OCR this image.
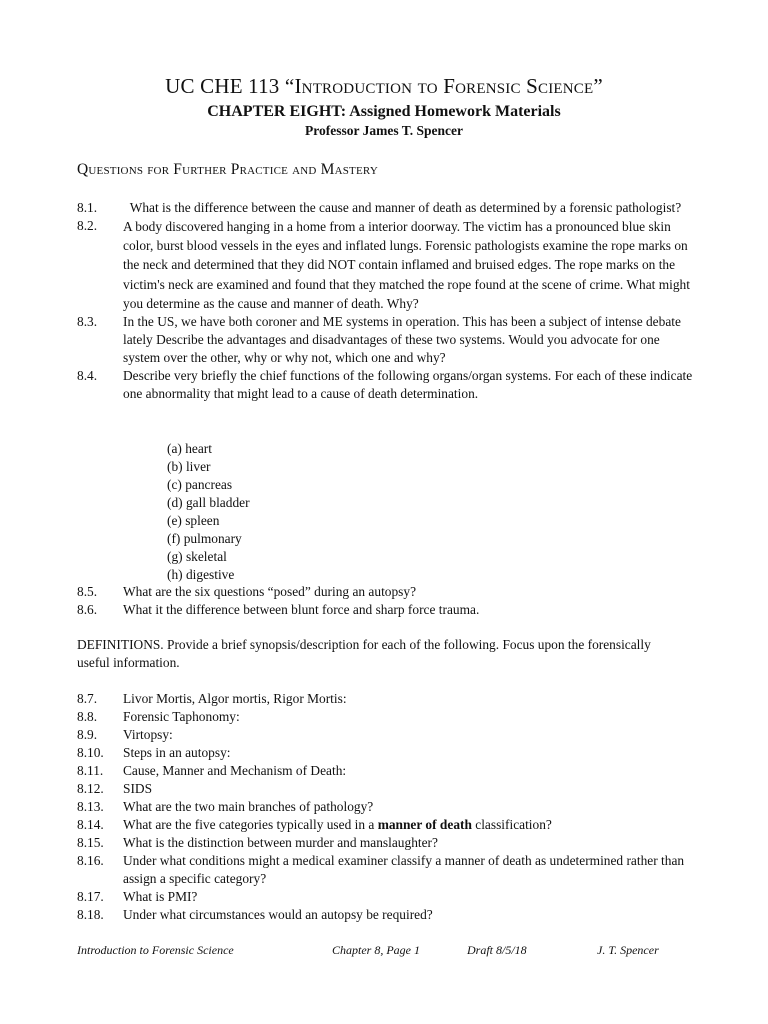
UC CHE 113 “Introduction to Forensic Science”
CHAPTER EIGHT: Assigned Homework Materials
Professor James T. Spencer
Questions for Further Practice and Mastery
8.1.	What is the difference between the cause and manner of death as determined by a forensic pathologist?
8.2.	A body discovered hanging in a home from a interior doorway. The victim has a pronounced blue skin color, burst blood vessels in the eyes and inflated lungs. Forensic pathologists examine the rope marks on the neck and determined that they did NOT contain inflamed and bruised edges. The rope marks on the victim's neck are examined and found that they matched the rope found at the scene of crime. What might you determine as the cause and manner of death. Why?
8.3.	In the US, we have both coroner and ME systems in operation. This has been a subject of intense debate lately Describe the advantages and disadvantages of these two systems. Would you advocate for one system over the other, why or why not, which one and why?
8.4.	Describe very briefly the chief functions of the following organs/organ systems. For each of these indicate one abnormality that might lead to a cause of death determination.
(a) heart
(b) liver
(c) pancreas
(d) gall bladder
(e) spleen
(f) pulmonary
(g) skeletal
(h) digestive
8.5.	What are the six questions “posed” during an autopsy?
8.6.	What it the difference between blunt force and sharp force trauma.
DEFINITIONS. Provide a brief synopsis/description for each of the following. Focus upon the forensically useful information.
8.7.	Livor Mortis, Algor mortis, Rigor Mortis:
8.8.	Forensic Taphonomy:
8.9.	Virtopsy:
8.10.	Steps in an autopsy:
8.11.	Cause, Manner and Mechanism of Death:
8.12.	SIDS
8.13.	What are the two main branches of pathology?
8.14.	What are the five categories typically used in a manner of death classification?
8.15.	What is the distinction between murder and manslaughter?
8.16.	Under what conditions might a medical examiner classify a manner of death as undetermined rather than assign a specific category?
8.17.	What is PMI?
8.18.	Under what circumstances would an autopsy be required?
Introduction to Forensic Science	Chapter 8, Page 1	Draft 8/5/18	J. T. Spencer
